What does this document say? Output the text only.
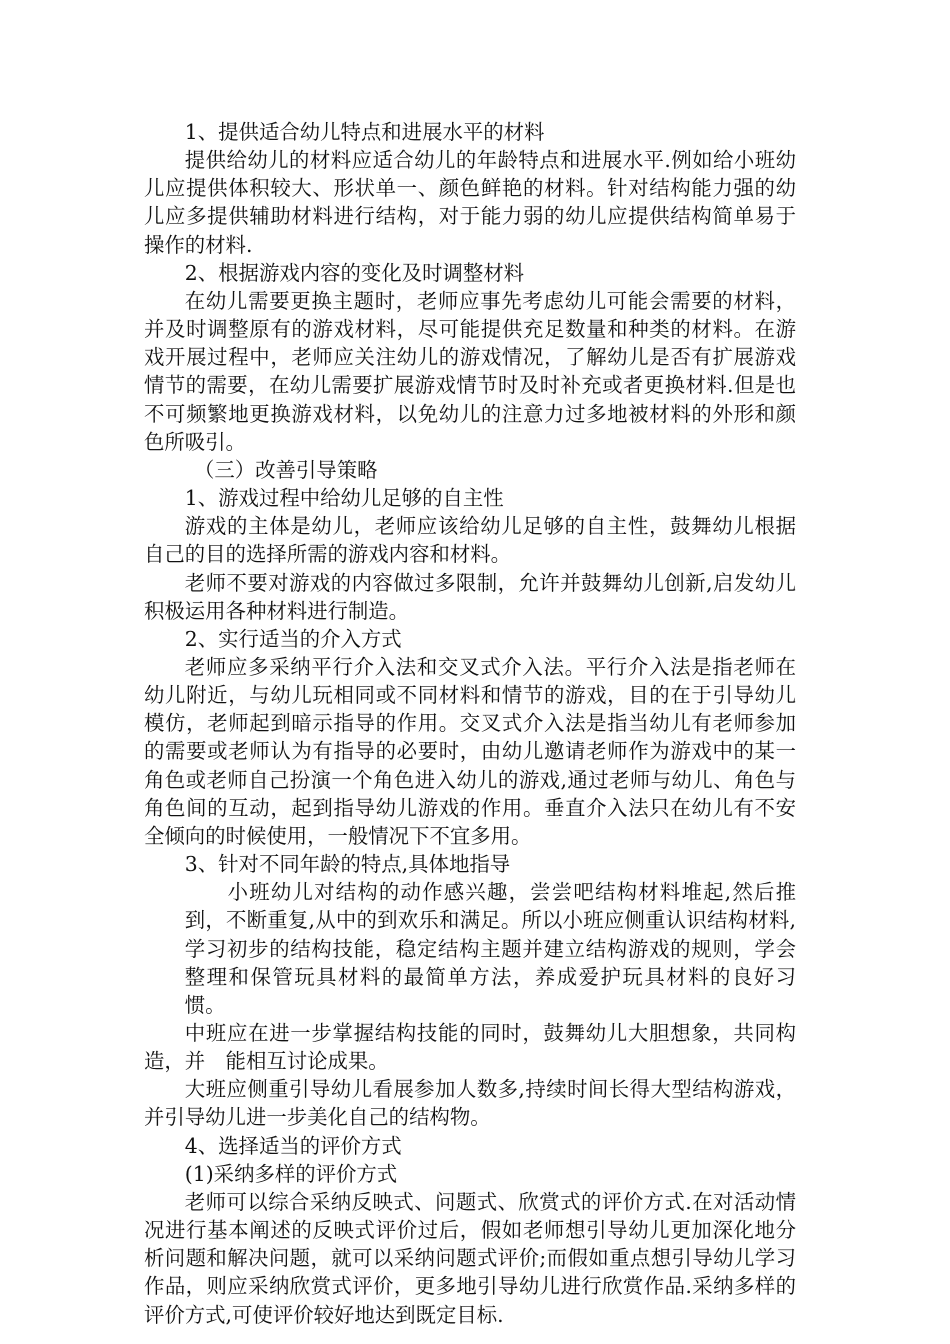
1、提供适合幼儿特点和进展水平的材料

提供给幼儿的材料应适合幼儿的年龄特点和进展水平.例如给小班幼儿应提供体积较大、形状单一、颜色鲜艳的材料。针对结构能力强的幼儿应多提供辅助材料进行结构，对于能力弱的幼儿应提供结构简单易于操作的材料.

2、根据游戏内容的变化及时调整材料

在幼儿需要更换主题时，老师应事先考虑幼儿可能会需要的材料，并及时调整原有的游戏材料，尽可能提供充足数量和种类的材料。在游戏开展过程中，老师应关注幼儿的游戏情况，了解幼儿是否有扩展游戏情节的需要，在幼儿需要扩展游戏情节时及时补充或者更换材料.但是也不可频繁地更换游戏材料，以免幼儿的注意力过多地被材料的外形和颜色所吸引。

（三）改善引导策略

1、游戏过程中给幼儿足够的自主性

游戏的主体是幼儿，老师应该给幼儿足够的自主性，鼓舞幼儿根据自己的目的选择所需的游戏内容和材料。

老师不要对游戏的内容做过多限制，允许并鼓舞幼儿创新,启发幼儿积极运用各种材料进行制造。

2、实行适当的介入方式

老师应多采纳平行介入法和交叉式介入法。平行介入法是指老师在幼儿附近，与幼儿玩相同或不同材料和情节的游戏，目的在于引导幼儿模仿，老师起到暗示指导的作用。交叉式介入法是指当幼儿有老师参加的需要或老师认为有指导的必要时，由幼儿邀请老师作为游戏中的某一角色或老师自己扮演一个角色进入幼儿的游戏,通过老师与幼儿、角色与角色间的互动，起到指导幼儿游戏的作用。垂直介入法只在幼儿有不安全倾向的时候使用，一般情况下不宜多用。

3、针对不同年龄的特点,具体地指导

小班幼儿对结构的动作感兴趣，尝尝吧结构材料堆起,然后推到，不断重复,从中的到欢乐和满足。所以小班应侧重认识结构材料,学习初步的结构技能，稳定结构主题并建立结构游戏的规则，学会整理和保管玩具材料的最简单方法，养成爱护玩具材料的良好习惯。

中班应在进一步掌握结构技能的同时，鼓舞幼儿大胆想象，共同构造，并　能相互讨论成果。

大班应侧重引导幼儿看展参加人数多,持续时间长得大型结构游戏，并引导幼儿进一步美化自己的结构物。

4、选择适当的评价方式

(1)采纳多样的评价方式

老师可以综合采纳反映式、问题式、欣赏式的评价方式.在对活动情况进行基本阐述的反映式评价过后，假如老师想引导幼儿更加深化地分析问题和解决问题，就可以采纳问题式评价;而假如重点想引导幼儿学习作品，则应采纳欣赏式评价，更多地引导幼儿进行欣赏作品.采纳多样的评价方式,可使评价较好地达到既定目标.
